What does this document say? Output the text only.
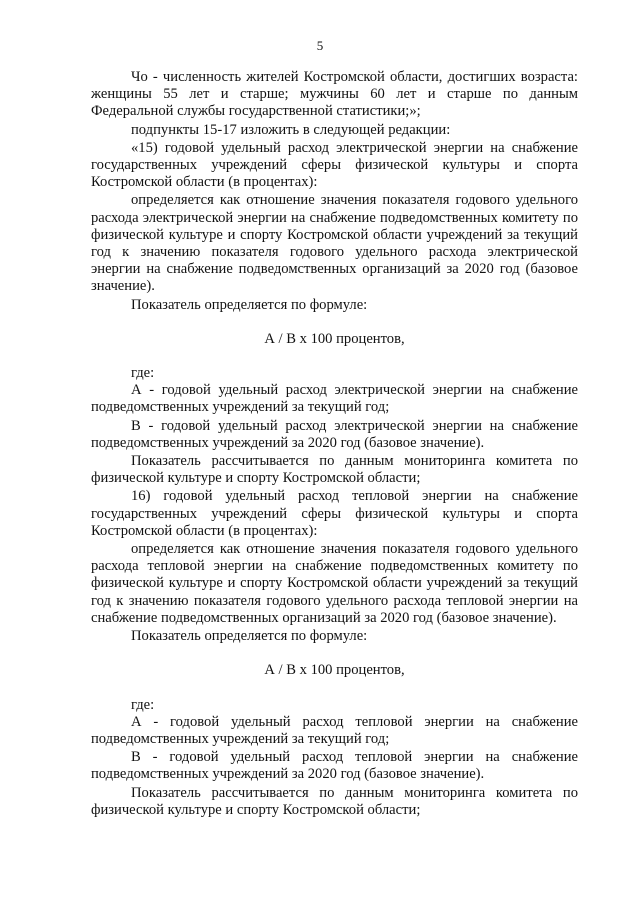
5

Чо - численность жителей Костромской области, достигших возраста: женщины 55 лет и старше; мужчины 60 лет и старше по данным Федеральной службы государственной статистики;»;

подпункты 15-17 изложить в следующей редакции:

«15) годовой удельный расход электрической энергии на снабжение государственных учреждений сферы физической культуры и спорта Костромской области (в процентах):

определяется как отношение значения показателя годового удельного расхода электрической энергии на снабжение подведомственных комитету по физической культуре и спорту Костромской области учреждений за текущий год к значению показателя годового удельного расхода электрической энергии на снабжение подведомственных организаций за 2020 год (базовое значение).

Показатель определяется по формуле:

А / В х 100 процентов,

где:

А - годовой удельный расход электрической энергии на снабжение подведомственных учреждений за текущий год;

В - годовой удельный расход электрической энергии на снабжение подведомственных учреждений за 2020 год (базовое значение).

Показатель рассчитывается по данным мониторинга комитета по физической культуре и спорту Костромской области;

16) годовой удельный расход тепловой энергии на снабжение государственных учреждений сферы физической культуры и спорта Костромской области (в процентах):

определяется как отношение значения показателя годового удельного расхода тепловой энергии на снабжение подведомственных комитету по физической культуре и спорту Костромской области учреждений за текущий год к значению показателя годового удельного расхода тепловой энергии на снабжение подведомственных организаций за 2020 год (базовое значение).

Показатель определяется по формуле:

А / В х 100 процентов,

где:

А - годовой удельный расход тепловой энергии на снабжение подведомственных учреждений за текущий год;

В - годовой удельный расход тепловой энергии на снабжение подведомственных учреждений за 2020 год (базовое значение).

Показатель рассчитывается по данным мониторинга комитета по физической культуре и спорту Костромской области;
